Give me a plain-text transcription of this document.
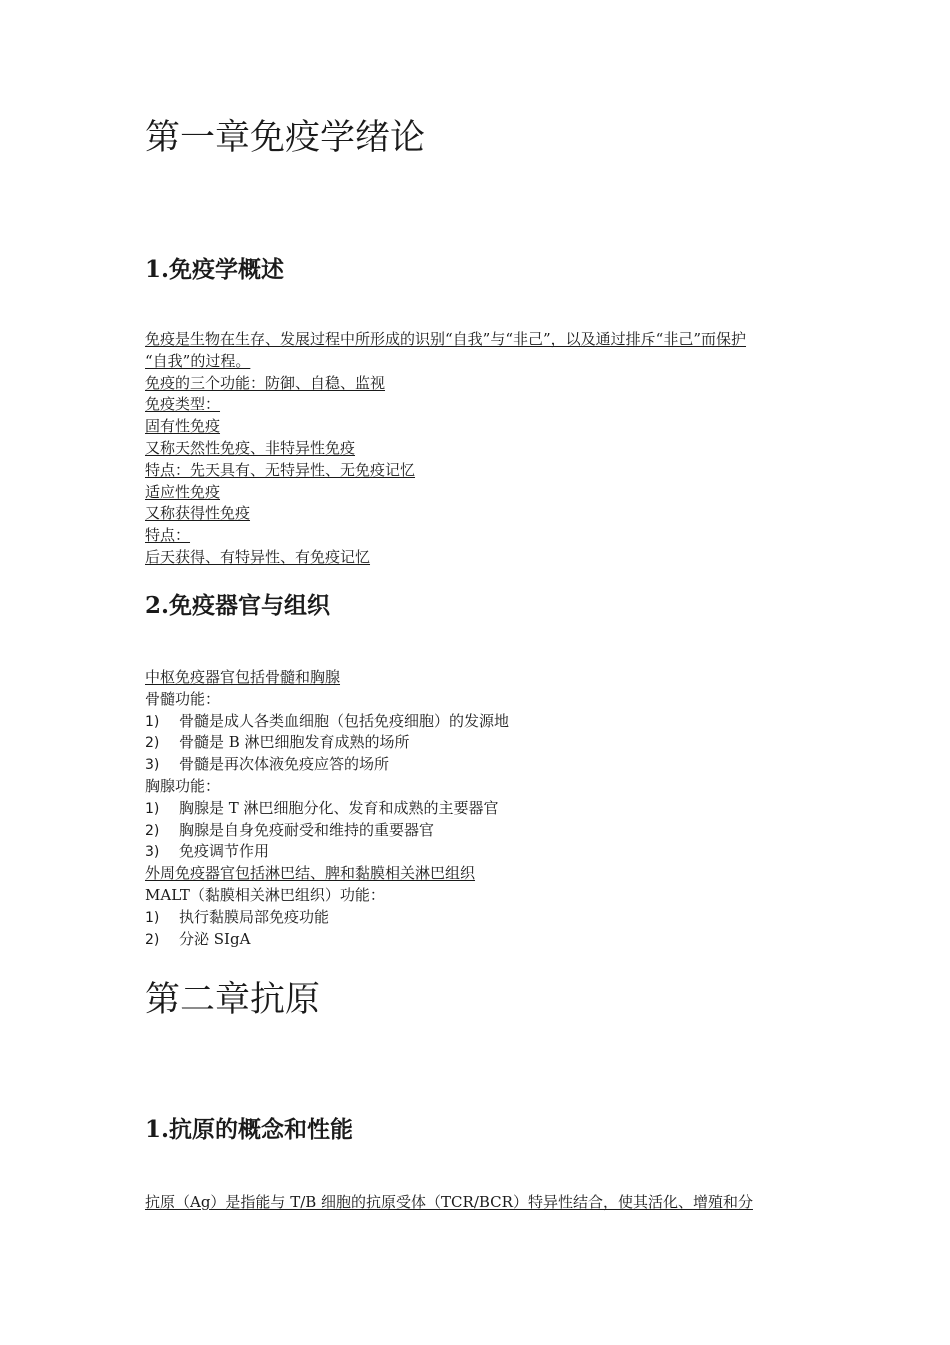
第一章免疫学绪论
1.免疫学概述
免疫是生物在生存、发展过程中所形成的识别“自我”与“非己”，以及通过排斥“非己”而保护
“自我”的过程。
免疫的三个功能：防御、自稳、监视
免疫类型：
固有性免疫
又称天然性免疫、非特异性免疫
特点：先天具有、无特异性、无免疫记忆
适应性免疫
又称获得性免疫
特点：
后天获得、有特异性、有免疫记忆
2.免疫器官与组织
中枢免疫器官包括骨髓和胸腺
骨髓功能：
1) 骨髓是成人各类血细胞（包括免疫细胞）的发源地
2) 骨髓是 B 淋巴细胞发育成熟的场所
3) 骨髓是再次体液免疫应答的场所
胸腺功能：
1) 胸腺是 T 淋巴细胞分化、发育和成熟的主要器官
2) 胸腺是自身免疫耐受和维持的重要器官
3) 免疫调节作用
外周免疫器官包括淋巴结、脾和黏膜相关淋巴组织
MALT（黏膜相关淋巴组织）功能：
1) 执行黏膜局部免疫功能
2) 分泌 SIgA
第二章抗原
1.抗原的概念和性能
抗原（Ag）是指能与 T/B 细胞的抗原受体（TCR/BCR）特异性结合，使其活化、增殖和分
